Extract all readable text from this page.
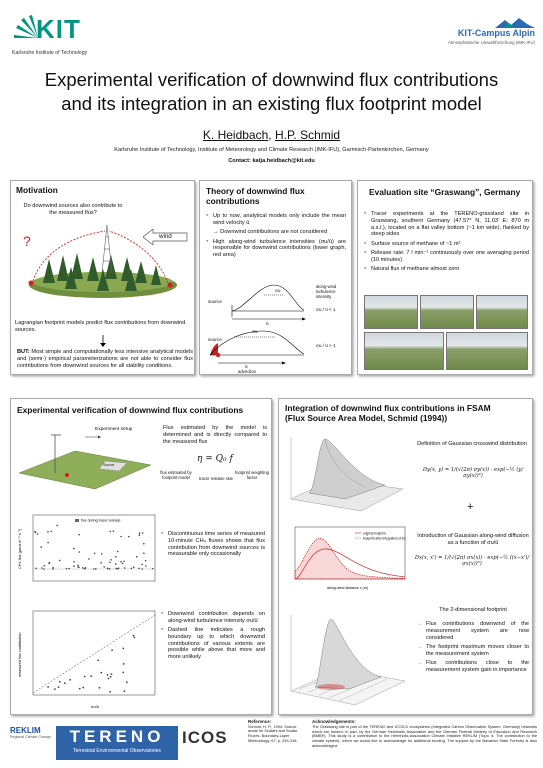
KIT
Karlsruhe Institute of Technology
KIT-Campus Alpin
Atmosphärische Umweltforschung (IMK-IFU)
Experimental verification of downwind flux contributions
and its integration in an existing flux footprint model
K. Heidbach, H.P. Schmid
Karlsruhe Institute of Technology, Institute of Meteorology and Climate Research (IMK-IFU), Garmisch-Partenkirchen, Germany
Contact: katja.heidbach@kit.edu
Motivation
Do downwind sources also contribute to the measured flux?
?	wind
Lagrangian footprint models predict flux contributions from downwind sources.
BUT: Most simple and computationally less intensive analytical models and (semi-) empirical parameterizations are not able to consider flux contributions from downwind sources for all stability conditions.
Theory of downwind flux contributions
▪ Up to now, analytical models only include the mean wind velocity ū
→ Downwind contributions are not considered
▪ High along-wind turbulence intensities (σu/ū) are responsible for downwind contributions (lower graph, red area)
source
σu
ū
along-wind turbulence intensity
σu / ū < 1
source
σu
σu / ū > 1
ū
advection
Evaluation site “Graswang”, Germany
▪ Tracer experiments at the TERENO-grassland site in Graswang, southern Germany (47.57° N, 11.03' E; 870 m a.s.l.), located on a flat valley bottom (~1 km wide), flanked by steep sides
▪ Surface source of methane of ~1 m²
▪ Release rate: 7 l min⁻¹ continuously over one averaging period (10 minutes)
▪ Natural flux of methane almost zero
Experimental verification of downwind flux contributions
Experiment setup
Source
Flux estimated by the model is determined and is directly compared to the measured flux
η = Q₀ f
flux estimated by footprint model	tracer release rate
footprint weighting factor
flux during tracer release
CH4 flux (µmol m⁻² s⁻¹)
▪	Discontinuous time series of measured 10-minute CH₄ fluxes shows that flux contribution from downwind sources is measurable only occasionally
measured flux contribution
σu/ū
▪ Downwind contribution depends on along-wind turbulence intensity σu/ū
▪ Dashed line indicates a rough boundary up to which downwind contributions of various extents are possible while above that more and more unlikely
Integration of downwind flux contributions in FSAM
(Flux Source Area Model, Schmid (1994))
Definition of Gaussian crosswind distribution
Dy(x, y) = 1/(√(2π) σy(x)) · exp(−½ (y/σy(x))²)
+
original footprint
footprint after integration of Dx
along-wind distance x (m)
Introduction of Gaussian along-wind diffusion as a function of σu/ū
Dx(x, x') = 1/(√(2π) σx(x)) · exp(−½ ((x−x')/σx(x))²)
The 2-dimensional footprint
→ Flux contributions downwind of the measurement system are now considered
→ The footprint maximum moves closer to the measurement system
→ Flux contributions close to the measurement system gain in importance
REKLIM
Regional Climate Change	TERENO
Terrestrial Environmental Observatories
ICOS
Reference:
Schmid, H. P., 1994: Source areas for Scalars and Scalar Fluxes. Boundary-Layer Meteorology, 67, p. 293-318.
Acknowledgements:
The Graswang site is part of the TERENO and ICOS-D ecosystems (Integrated Carbon Observation System, Germany) networks which are funded, in part, by the German Helmholtz Association and the German Federal Ministry of Education and Research (BMBF). This study is a contribution to the Helmholtz-Association Climate Initiative REKLIM (Topic 4: The contribution to the climate system), which we would like to acknowledge for additional funding. The support by the Bavarian State Forestry is also acknowledged.
